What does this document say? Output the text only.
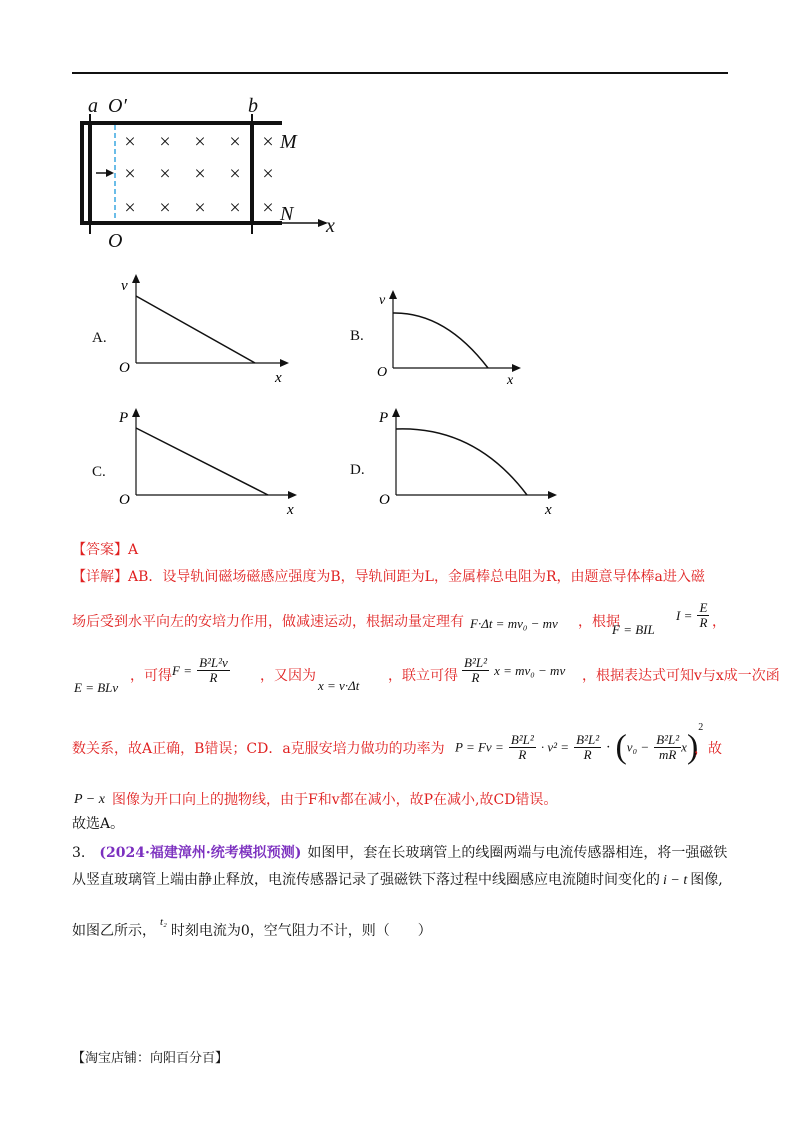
× × × × ×
× × × × ×
× × × × ×
a O′	b
M
N
O
x
A.
v
O
x
B.
v
O
x
C.
P
O
x
D.
P
O
x
【答案】A
【详解】AB．设导轨间磁场磁感应强度为B，导轨间距为L，金属棒总电阻为R，由题意导体棒a进入磁
场后受到水平向左的安培力作用，做减速运动，根据动量定理有 F·Δt = mv₀ − mv ，根据
F = BIL
$I = \frac{E}{R}$ ，
E = BLv
，可得 $F = \frac{\text{B²L²v}}{R}$ ，又因为
x = v·Δt
，联立可得 $\frac{\text{B²L²}}{R}$ x = mv₀ − mv ，根据表达式可知v与x成一次函
数关系，故A正确，B错误；CD．a克服安培力做功的功率为 $P = Fv = \frac{\text{B²L²}}{R} \cdot v^2 = \frac{\text{B²L²}}{R} \cdot (v_0 - \frac{\text{B²L²}}{mR} x)^2$
，故
P − x 图像为开口向上的抛物线，由于F和v都在减小，故P在减小,故CD错误。
故选A。
3. (2024·福建漳州·统考模拟预测) 如图甲，套在长玻璃管上的线圈两端与电流传感器相连，将一强磁铁
从竖直玻璃管上端由静止释放，电流传感器记录了强磁铁下落过程中线圈感应电流随时间变化的 i − t 图像,
如图乙所示，$^{t_2}$时刻电流为0，空气阻力不计，则（　　）
【淘宝店铺：向阳百分百】
